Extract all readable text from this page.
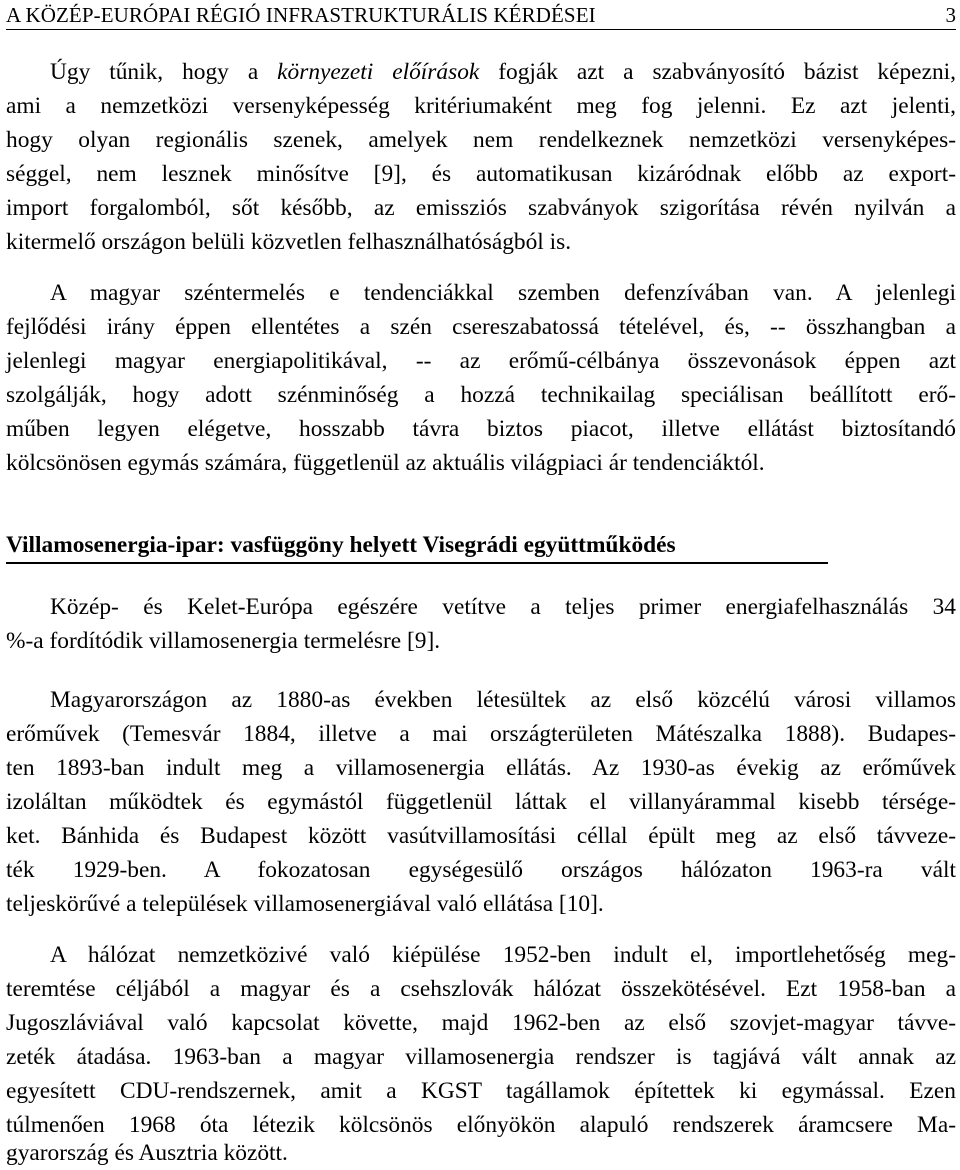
A KÖZÉP-EURÓPAI RÉGIÓ INFRASTRUKTURÁLIS KÉRDÉSEI	3
Úgy tűnik, hogy a környezeti előírások fogják azt a szabványosító bázist képezni,
ami a nemzetközi versenyképesség kritériumaként meg fog jelenni. Ez azt jelenti,
hogy olyan regionális szenek, amelyek nem rendelkeznek nemzetközi versenyképes-
séggel, nem lesznek minősítve [9], és automatikusan kizáródnak előbb az export-
import forgalomból, sőt később, az emissziós szabványok szigorítása révén nyilván a
kitermelő országon belüli közvetlen felhasználhatóságból is.
A magyar széntermelés e tendenciákkal szemben defenzívában van. A jelenlegi
fejlődési irány éppen ellentétes a szén csereszabatossá tételével, és, -- összhangban a
jelenlegi magyar energiapolitikával, -- az erőmű-célbánya összevonások éppen azt
szolgálják, hogy adott szénminőség a hozzá technikailag speciálisan beállított erő-
műben legyen elégetve, hosszabb távra biztos piacot, illetve ellátást biztosítandó
kölcsönösen egymás számára, függetlenül az aktuális világpiaci ár tendenciáktól.
Villamosenergia-ipar: vasfüggöny helyett Visegrádi együttműködés
Közép- és Kelet-Európa egészére vetítve a teljes primer energiafelhasználás 34
%-a fordítódik villamosenergia termelésre [9].
Magyarországon az 1880-as években létesültek az első közcélú városi villamos
erőművek (Temesvár 1884, illetve a mai országterületen Mátészalka 1888). Budapes-
ten 1893-ban indult meg a villamosenergia ellátás. Az 1930-as évekig az erőművek
izoláltan működtek és egymástól függetlenül láttak el villanyárammal kisebb térsége-
ket. Bánhida és Budapest között vasútvillamosítási céllal épült meg az első távveze-
ték 1929-ben. A fokozatosan egységesülő országos hálózaton 1963-ra vált
teljeskörűvé a települések villamosenergiával való ellátása [10].
A hálózat nemzetközivé való kiépülése 1952-ben indult el, importlehetőség meg-
teremtése céljából a magyar és a csehszlovák hálózat összekötésével. Ezt 1958-ban a
Jugoszláviával való kapcsolat követte, majd 1962-ben az első szovjet-magyar távve-
zeték átadása. 1963-ban a magyar villamosenergia rendszer is tagjává vált annak az
egyesített CDU-rendszernek, amit a KGST tagállamok építettek ki egymással. Ezen
túlmenően 1968 óta létezik kölcsönös előnyökön alapuló rendszerek áramcsere Ma-
gyarország és Ausztria között.
